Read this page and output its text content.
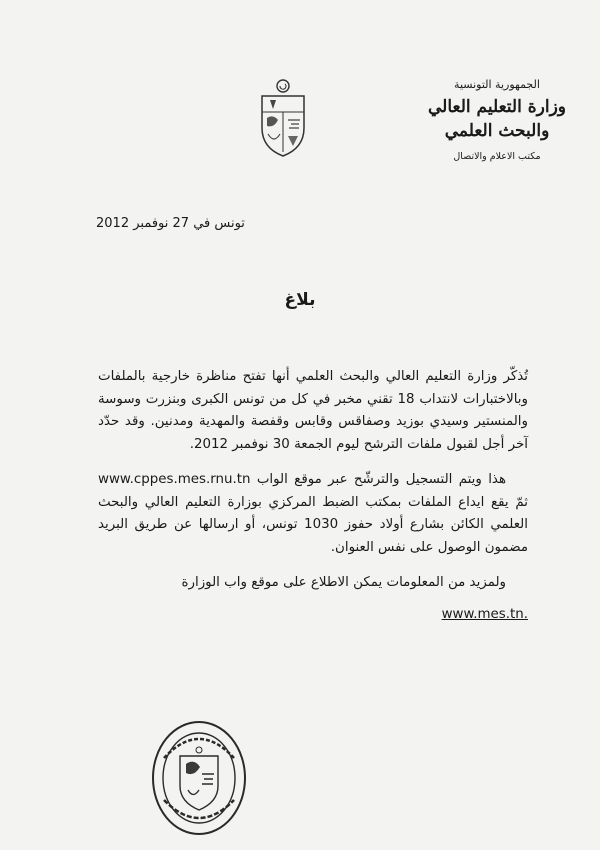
الجمهورية التونسية
وزارة التعليم العالي
والبحث العلمي
مكتب الاعلام والاتصال
تونس في 27 نوفمبر 2012
بلاغ

تُذكّر وزارة التعليم العالي والبحث العلمي أنها تفتح مناظرة خارجية بالملفات وبالاختبارات لانتداب 18 تقني مخبر في كل من تونس الكبرى وبنزرت وسوسة والمنستير وسيدي بوزيد وصفاقس وقابس وقفصة والمهدية ومدنين. وقد حدّد آخر أجل لقبول ملفات الترشح ليوم الجمعة 30 نوفمبر 2012.

هذا ويتم التسجيل والترشّح عبر موقع الواب www.cppes.mes.rnu.tn ثمّ يقع ايداع الملفات بمكتب الضبط المركزي بوزارة التعليم العالي والبحث العلمي الكائن بشارع أولاد حفوز 1030 تونس، أو ارسالها عن طريق البريد مضمون الوصول على نفس العنوان.

ولمزيد من المعلومات يمكن الاطلاع على موقع واب الوزارة

www.mes.tn.
